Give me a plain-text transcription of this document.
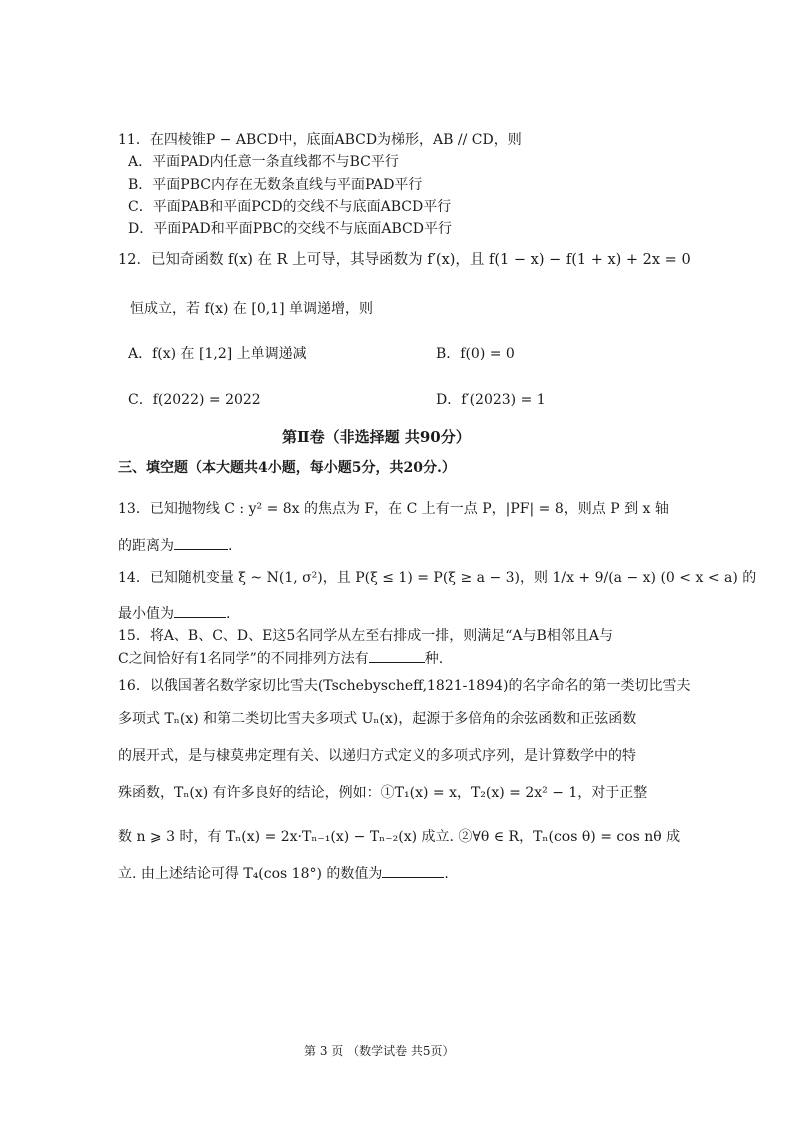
11．在四棱锥P − ABCD中，底面ABCD为梯形，AB // CD，则
A．平面PAD内任意一条直线都不与BC平行
B．平面PBC内存在无数条直线与平面PAD平行
C．平面PAB和平面PCD的交线不与底面ABCD平行
D．平面PAD和平面PBC的交线不与底面ABCD平行
12．已知奇函数 f(x) 在 R 上可导，其导函数为 f′(x)，且 f(1 − x) − f(1 + x) + 2x = 0
恒成立，若 f(x) 在 [0,1] 单调递增，则
A．f(x) 在 [1,2] 上单调递减	B．f(0) = 0
C．f(2022) = 2022	D．f′(2023) = 1
第Ⅱ卷（非选择题 共90分）
三、填空题（本大题共4小题，每小题5分，共20分.）
13．已知抛物线 C : y² = 8x 的焦点为 F，在 C 上有一点 P，|PF| = 8，则点 P 到 x 轴
的距离为	.
14．已知随机变量 ξ ~ N(1, σ²)，且 P(ξ ≤ 1) = P(ξ ≥ a − 3)，则 1/x + 9/(a − x) (0 < x < a) 的
最小值为	.
15．将A、B、C、D、E这5名同学从左至右排成一排，则满足“A与B相邻且A与
C之间恰好有1名同学”的不同排列方法有	种.
16．以俄国著名数学家切比雪夫(Tschebyscheff,1821-1894)的名字命名的第一类切比雪夫
多项式 Tₙ(x) 和第二类切比雪夫多项式 Uₙ(x)，起源于多倍角的余弦函数和正弦函数
的展开式，是与棣莫弗定理有关、以递归方式定义的多项式序列，是计算数学中的特
殊函数，Tₙ(x) 有许多良好的结论，例如：①T₁(x) = x，T₂(x) = 2x² − 1，对于正整
数 n ⩾ 3 时，有 Tₙ(x) = 2x·Tₙ₋₁(x) − Tₙ₋₂(x) 成立. ②∀θ ∈ R，Tₙ(cos θ) = cos nθ 成
立. 由上述结论可得 T₄(cos 18°) 的数值为	.
第 3 页 （数学试卷 共5页）
